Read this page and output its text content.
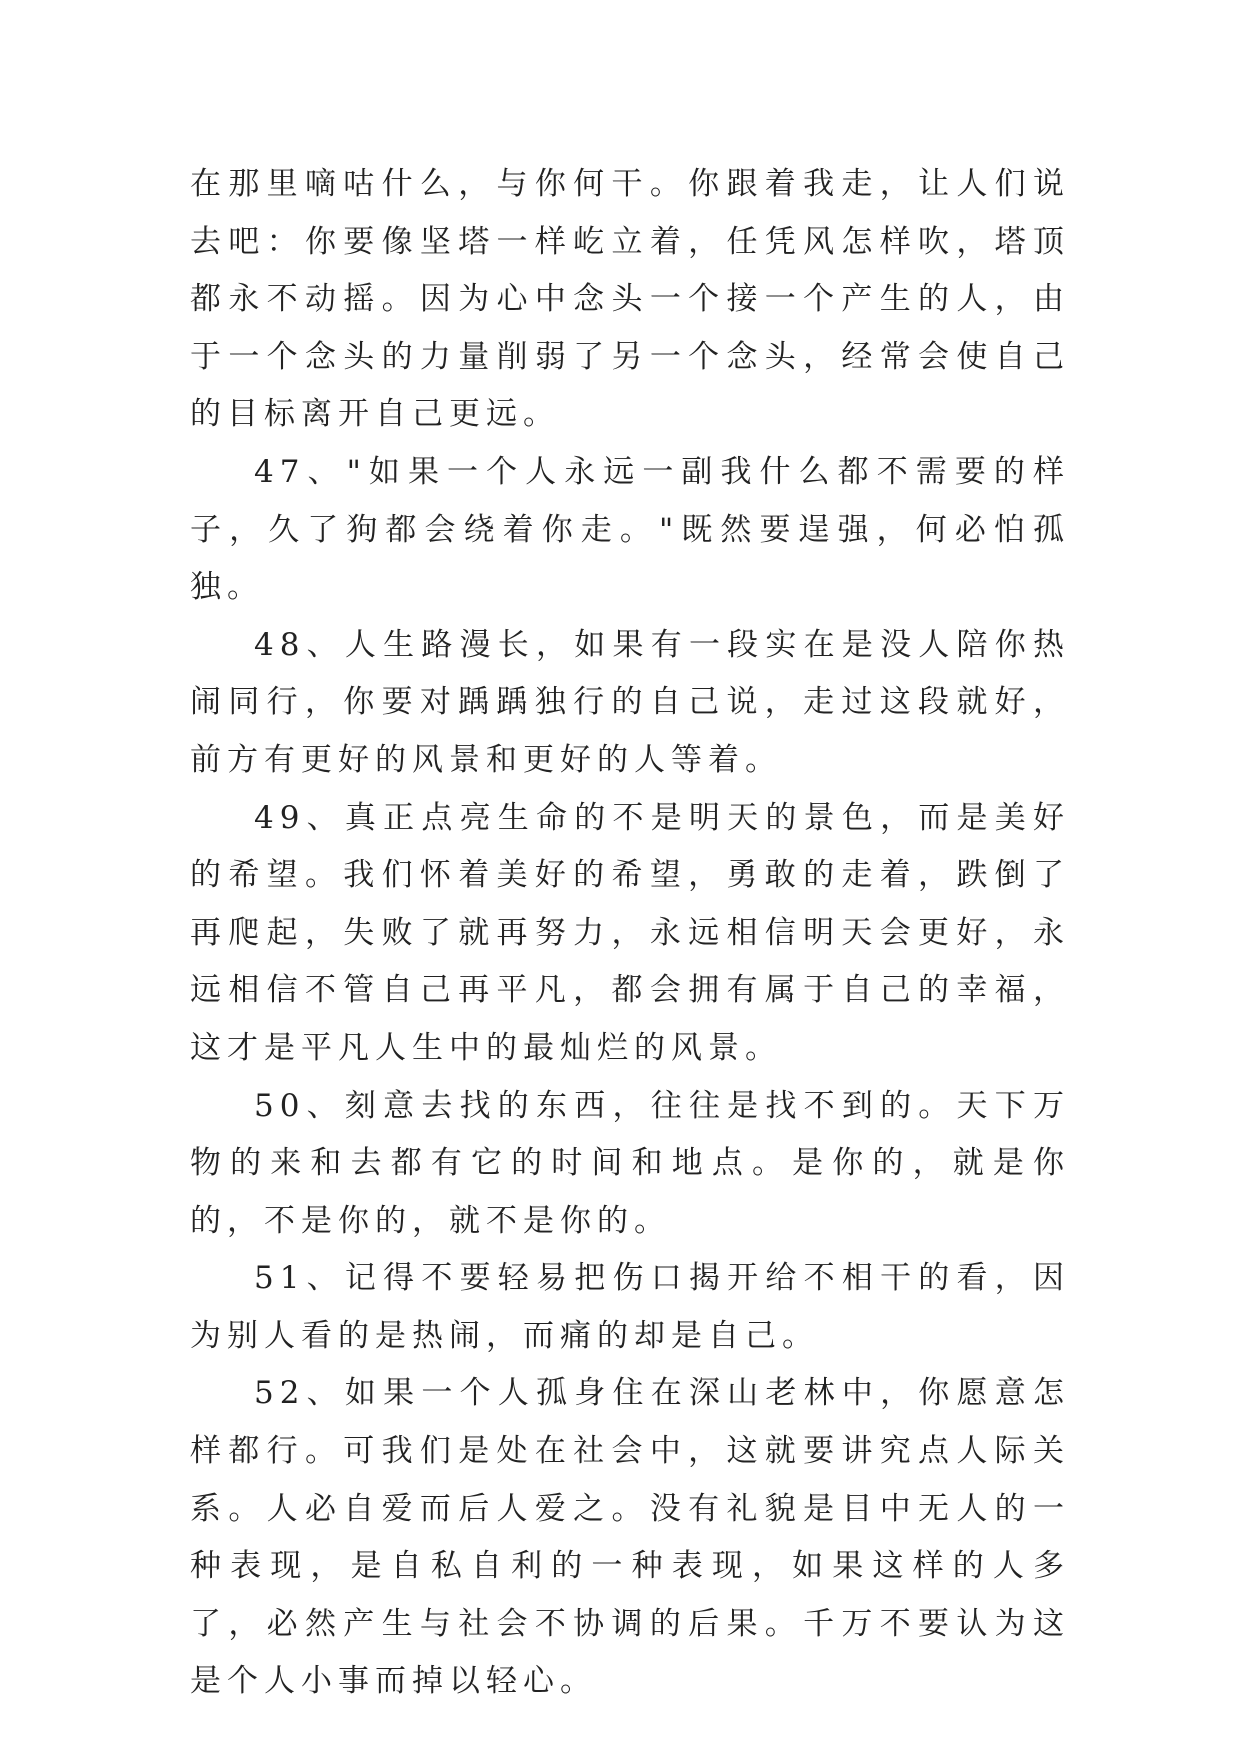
在那里嘀咕什么，与你何干。你跟着我走，让人们说去吧：你要像坚塔一样屹立着，任凭风怎样吹，塔顶都永不动摇。因为心中念头一个接一个产生的人，由于一个念头的力量削弱了另一个念头，经常会使自己的目标离开自己更远。

47、"如果一个人永远一副我什么都不需要的样子，久了狗都会绕着你走。"既然要逞强，何必怕孤独。

48、人生路漫长，如果有一段实在是没人陪你热闹同行，你要对踽踽独行的自己说，走过这段就好，前方有更好的风景和更好的人等着。

49、真正点亮生命的不是明天的景色，而是美好的希望。我们怀着美好的希望，勇敢的走着，跌倒了再爬起，失败了就再努力，永远相信明天会更好，永远相信不管自己再平凡，都会拥有属于自己的幸福，这才是平凡人生中的最灿烂的风景。

50、刻意去找的东西，往往是找不到的。天下万物的来和去都有它的时间和地点。是你的，就是你的，不是你的，就不是你的。

51、记得不要轻易把伤口揭开给不相干的看，因为别人看的是热闹，而痛的却是自己。

52、如果一个人孤身住在深山老林中，你愿意怎样都行。可我们是处在社会中，这就要讲究点人际关系。人必自爱而后人爱之。没有礼貌是目中无人的一种表现，是自私自利的一种表现，如果这样的人多了，必然产生与社会不协调的后果。千万不要认为这是个人小事而掉以轻心。
